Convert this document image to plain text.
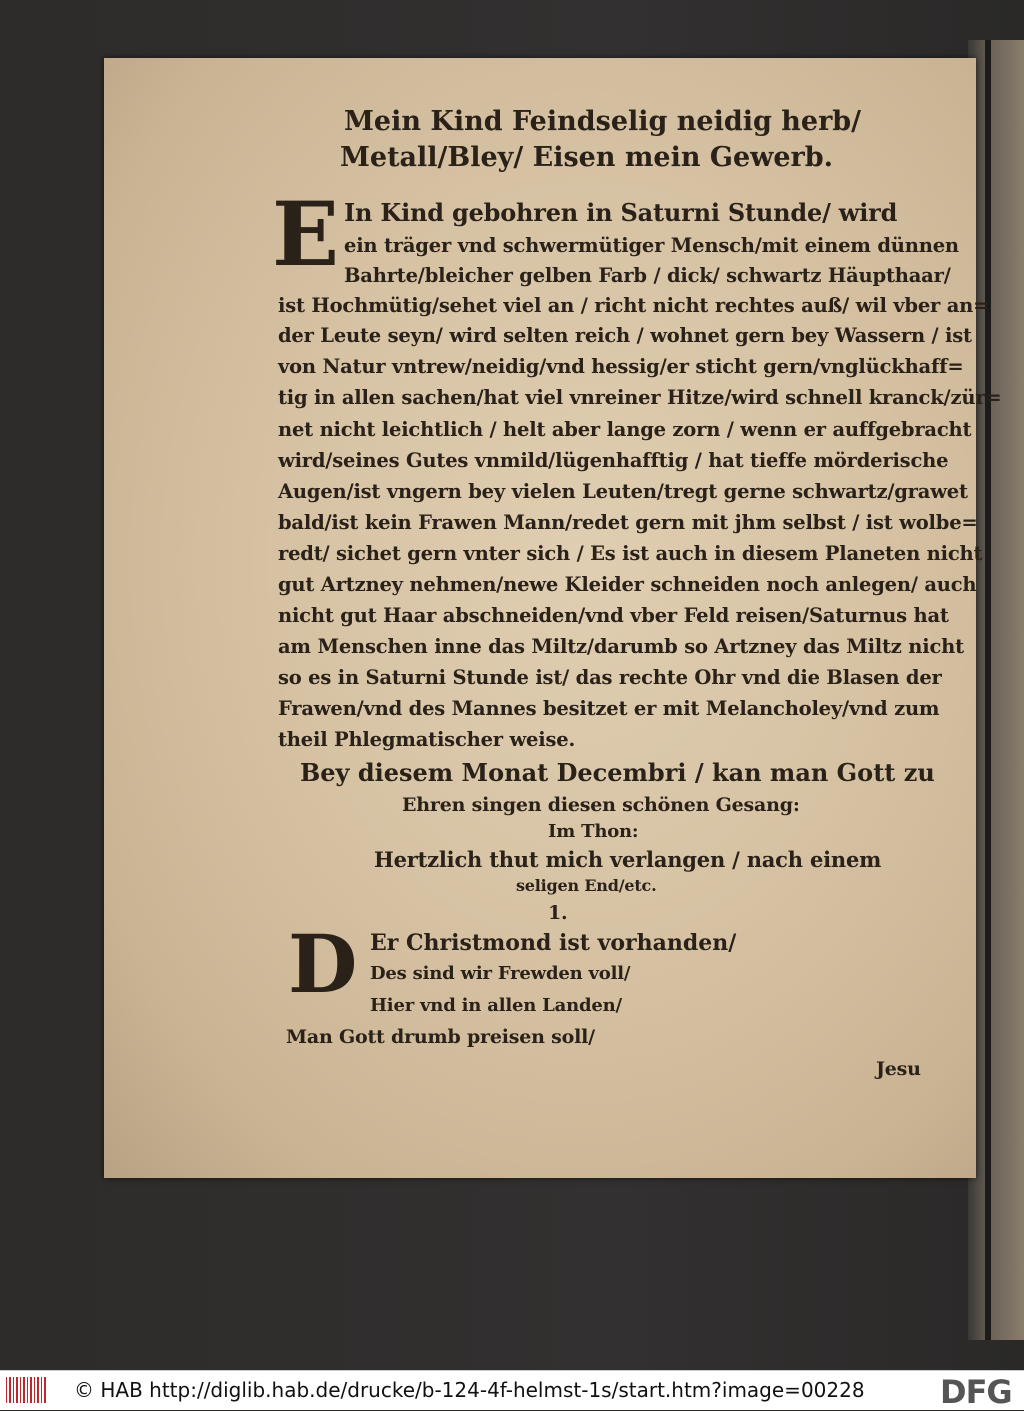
Mein Kind Feindselig neidig herb/
Metall/Bley/ Eisen mein Gewerb.
E In Kind gebohren in Saturni Stunde/ wird
ein träger vnd schwermütiger Mensch/mit einem dünnen
Bahrte/bleicher gelben Farb / dick/ schwartz Häupthaar/
ist Hochmütig/sehet viel an / richt nicht rechtes auß/ wil vber an=
der Leute seyn/ wird selten reich / wohnet gern bey Wassern / ist
von Natur vntrew/neidig/vnd hessig/er sticht gern/vnglückhaff=
tig in allen sachen/hat viel vnreiner Hitze/wird schnell kranck/zür=
net nicht leichtlich / helt aber lange zorn / wenn er auffgebracht
wird/seines Gutes vnmild/lügenhafftig / hat tieffe mörderische
Augen/ist vngern bey vielen Leuten/tregt gerne schwartz/grawet
bald/ist kein Frawen Mann/redet gern mit jhm selbst / ist wolbe=
redt/ sichet gern vnter sich / Es ist auch in diesem Planeten nicht
gut Artzney nehmen/newe Kleider schneiden noch anlegen/ auch
nicht gut Haar abschneiden/vnd vber Feld reisen/Saturnus hat
am Menschen inne das Miltz/darumb so Artzney das Miltz nicht
so es in Saturni Stunde ist/ das rechte Ohr vnd die Blasen der
Frawen/vnd des Mannes besitzet er mit Melancholey/vnd zum
theil Phlegmatischer weise.
Bey diesem Monat Decembri / kan man Gott zu
Ehren singen diesen schönen Gesang:
Im Thon:
Hertzlich thut mich verlangen / nach einem
seligen End/etc.
1.
D Er Christmond ist vorhanden/
Des sind wir Frewden voll/
Hier vnd in allen Landen/
Man Gott drumb preisen soll/
Jesu
© HAB http://diglib.hab.de/drucke/b-124-4f-helmst-1s/start.htm?image=00228 DFG
